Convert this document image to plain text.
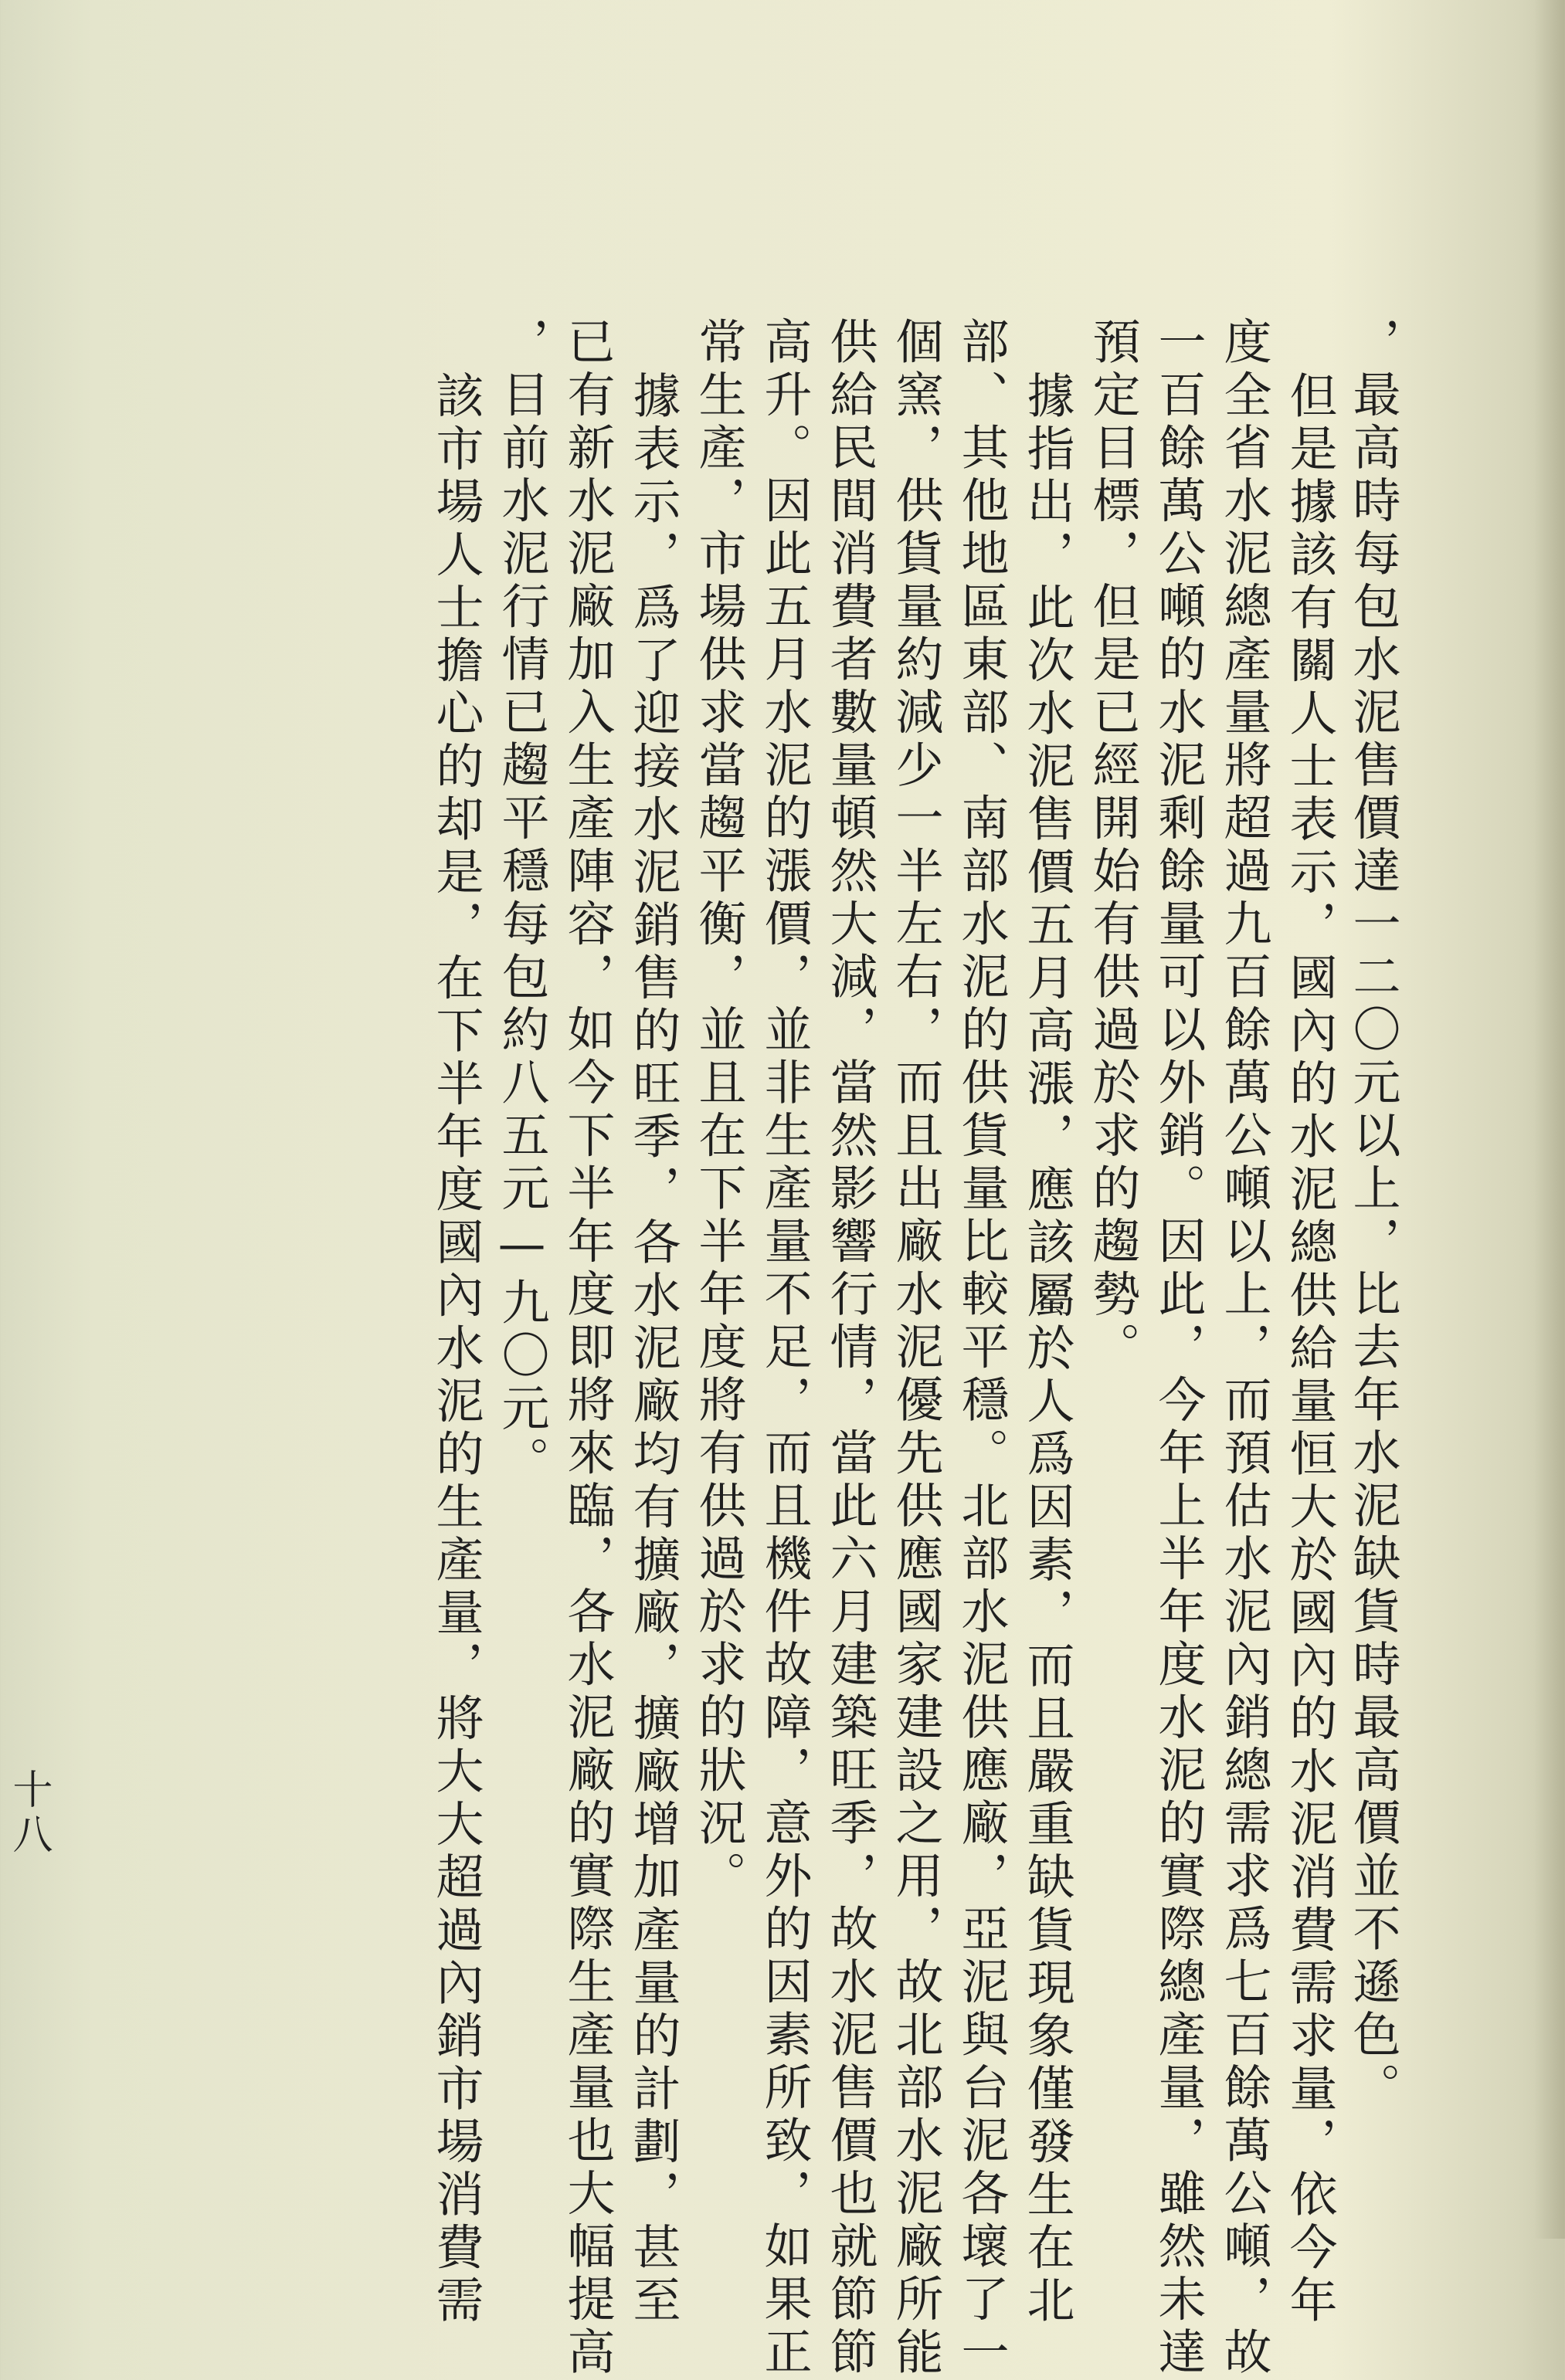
，最高時每包水泥售價達一二〇元以上，比去年水泥缺貨時最高價並不遜色。
但是據該有關人士表示，國內的水泥總供給量恒大於國內的水泥消費需求量，依今年
度全省水泥總產量將超過九百餘萬公噸以上，而預估水泥內銷總需求爲七百餘萬公噸，故
一百餘萬公噸的水泥剩餘量可以外銷。因此，今年上半年度水泥的實際總產量，雖然未達
預定目標，但是已經開始有供過於求的趨勢。
據指出，此次水泥售價五月高漲，應該屬於人爲因素，而且嚴重缺貨現象僅發生在北
部、其他地區東部、南部水泥的供貨量比較平穩。北部水泥供應廠，亞泥與台泥各壞了一
個窯，供貨量約減少一半左右，而且出廠水泥優先供應國家建設之用，故北部水泥廠所能
供給民間消費者數量頓然大減，當然影響行情，當此六月建築旺季，故水泥售價也就節節
高升。因此五月水泥的漲價，並非生產量不足，而且機件故障，意外的因素所致，如果正
常生產，市場供求當趨平衡，並且在下半年度將有供過於求的狀況。
據表示，爲了迎接水泥銷售的旺季，各水泥廠均有擴廠，擴廠增加產量的計劃，甚至
已有新水泥廠加入生產陣容，如今下半年度即將來臨，各水泥廠的實際生產量也大幅提高
，目前水泥行情已趨平穩每包約八五元—九〇元。
該市場人士擔心的却是，在下半年度國內水泥的生產量，將大大超過內銷市場消費需
十八
